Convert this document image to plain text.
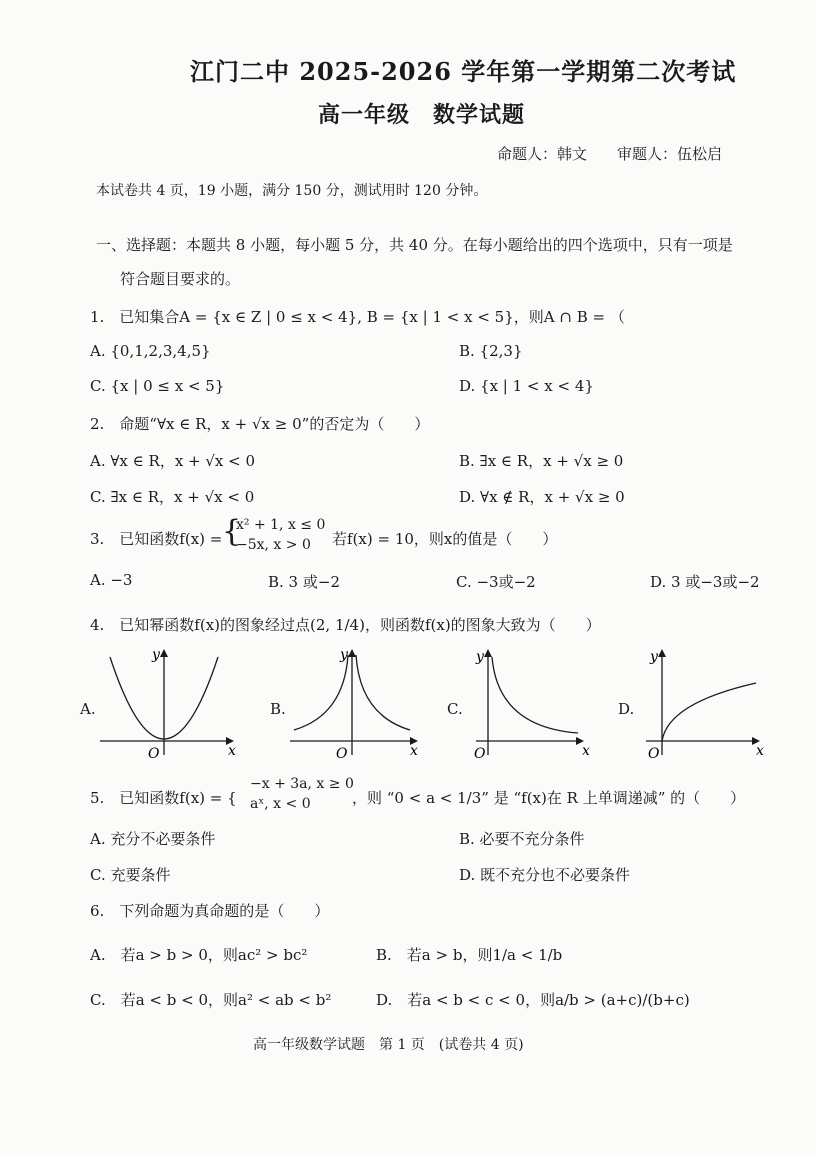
江门二中 2025-2026 学年第一学期第二次考试
高一年级　数学试题
命题人：韩文　　审题人：伍松启
本试卷共 4 页，19 小题，满分 150 分，测试用时 120 分钟。
一、选择题：本题共 8 小题，每小题 5 分，共 40 分。在每小题给出的四个选项中，只有一项是
符合题目要求的。
1.　已知集合A = {x ∈ Z | 0 ≤ x < 4}, B = {x | 1 < x < 5}，则A ∩ B = （
A. {0,1,2,3,4,5}	B. {2,3}
C. {x | 0 ≤ x < 5}	D. {x | 1 < x < 4}
2.　命题“∀x ∈ R，x + √x ≥ 0”的否定为（　　）
A. ∀x ∈ R，x + √x < 0	B. ∃x ∈ R，x + √x ≥ 0
C. ∃x ∈ R，x + √x < 0	D. ∀x ∉ R，x + √x ≥ 0
3.　已知函数f(x) = {
x² + 1, x ≤ 0
−5x, x > 0 若f(x) = 10，则x的值是（　　）
A. −3	B. 3 或−2	C. −3或−2	D. 3 或−3或−2
4.　已知幂函数f(x)的图象经过点(2, 1/4)，则函数f(x)的图象大致为（　　）
A.	B.	C.	D.
x
y
O	x
y
O	x
y
O	x
y
O
5.　已知函数f(x) = {
−x + 3a, x ≥ 0
aˣ, x < 0	，则 “0 < a < 1/3” 是 “f(x)在 R 上单调递减” 的（　　）
A. 充分不必要条件	B. 必要不充分条件
C. 充要条件	D. 既不充分也不必要条件
6.　下列命题为真命题的是（　　）
A.　若a > b > 0，则ac² > bc²	B.　若a > b，则1/a < 1/b
C.　若a < b < 0，则a² < ab < b²	D.　若a < b < c < 0，则a/b > (a+c)/(b+c)
高一年级数学试题　第 1 页　(试卷共 4 页)
